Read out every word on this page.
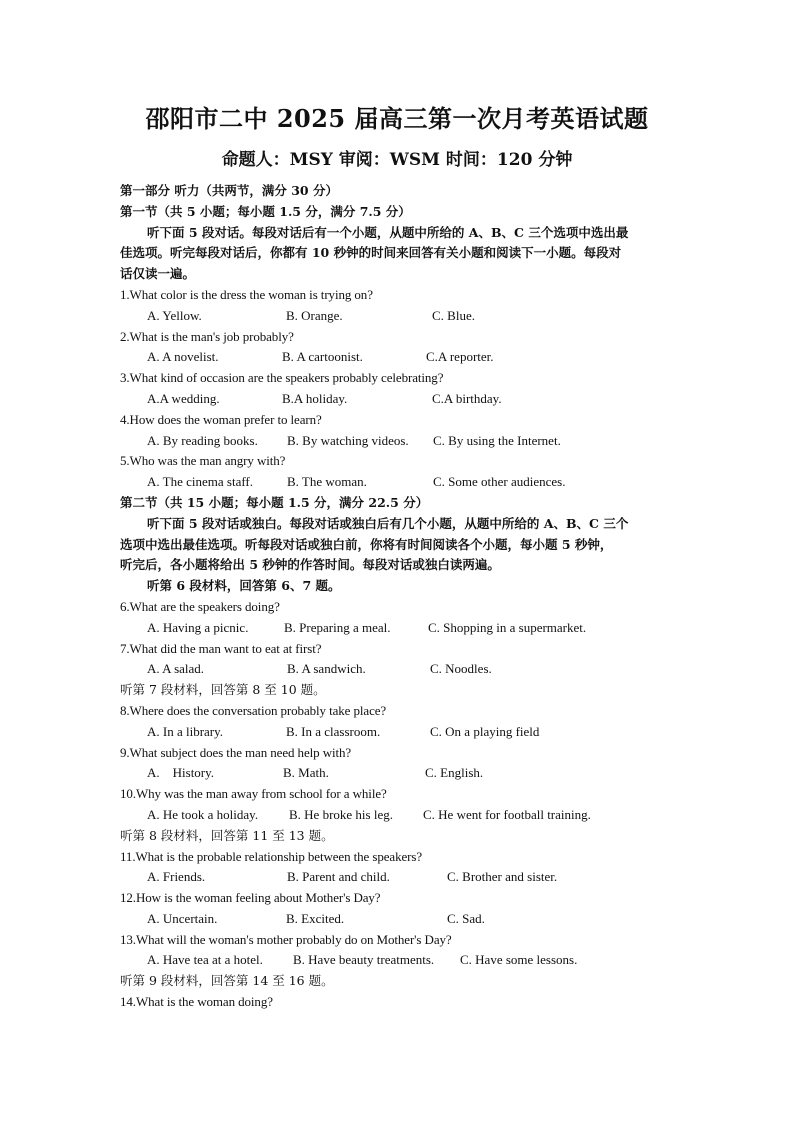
邵阳市二中 2025 届高三第一次月考英语试题
命题人：MSY 审阅：WSM 时间：120 分钟
第一部分 听力（共两节，满分 30 分）
第一节（共 5 小题；每小题 1.5 分，满分 7.5 分）
听下面 5 段对话。每段对话后有一个小题，从题中所给的 A、B、C 三个选项中选出最
佳选项。听完每段对话后，你都有 10 秒钟的时间来回答有关小题和阅读下一小题。每段对
话仅读一遍。
1.What color is the dress the woman is trying on?
A. Yellow.	B. Orange.	C. Blue.
2.What is the man's job probably?
A. A novelist.	B. A cartoonist.	C.A reporter.
3.What kind of occasion are the speakers probably celebrating?
A.A wedding.	B.A holiday.	C.A birthday.
4.How does the woman prefer to learn?
A. By reading books. B. By watching videos. C. By using the Internet.
5.Who was the man angry with?
A. The cinema staff.	B. The woman.	C. Some other audiences.
第二节（共 15 小题；每小题 1.5 分，满分 22.5 分）
听下面 5 段对话或独白。每段对话或独白后有几个小题，从题中所给的 A、B、C 三个
选项中选出最佳选项。听每段对话或独白前，你将有时间阅读各个小题，每小题 5 秒钟，
听完后，各小题将给出 5 秒钟的作答时间。每段对话或独白读两遍。
听第 6 段材料，回答第 6、7 题。
6.What are the speakers doing?
A. Having a picnic.	B. Preparing a meal.	C. Shopping in a supermarket.
7.What did the man want to eat at first?
A. A salad.	B. A sandwich.	C. Noodles.
听第 7 段材料，回答第 8 至 10 题。
8.Where does the conversation probably take place?
A. In a library.	B. In a classroom.	C. On a playing field
9.What subject does the man need help with?
A.    History.	B. Math.	C. English.
10.Why was the man away from school for a while?
A. He took a holiday. B. He broke his leg. C. He went for football training.
听第 8 段材料，回答第 11 至 13 题。
11.What is the probable relationship between the speakers?
A. Friends.	B. Parent and child.	C. Brother and sister.
12.How is the woman feeling about Mother's Day?
A. Uncertain.	B. Excited.	C. Sad.
13.What will the woman's mother probably do on Mother's Day?
A. Have tea at a hotel. B. Have beauty treatments. C. Have some lessons.
听第 9 段材料，回答第 14 至 16 题。
14.What is the woman doing?
